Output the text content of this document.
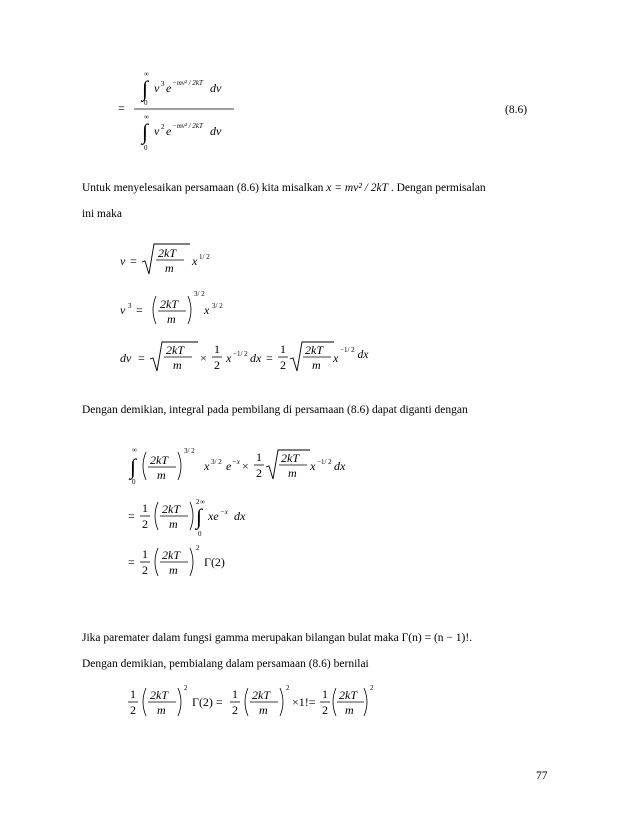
=
∞
∫
0
v 3 e −mv² / 2kT dv
∞
∫
0
v 2 e −mv² / 2kT dv
(8.6)
Untuk menyelesaikan persamaan (8.6) kita misalkan x = mv² / 2kT . Dengan permisalan
ini maka
v =
2kT
m x 1/ 2
v 3 = 2kT
m
3/ 2
x 3/ 2
dv =
2kT
m ×
1
2 x −1/ 2 dx =
1
2
2kT
m x
$^{-1/ 2}$ dx
Dengan demikian, integral pada pembilang di persamaan (8.6) dapat diganti dengan
∞
∫
0
2kT
m
3/ 2
x 3/ 2 e −x ×
1
2
2kT
m x −1/ 2 dx
=
1
2
2kT
m
2 ∞
∫
0
xe −x dx
=
1
2
2kT
m
2
Γ(2)
Jika paremater dalam fungsi gamma merupakan bilangan bulat maka Γ(n) = (n − 1)!.
Dengan demikian, pembialang dalam persamaan (8.6) bernilai
1
2
2kT
m
2
Γ(2) =
1
2
2kT
m
2
×1!=
1
2
2kT
m
2
77
